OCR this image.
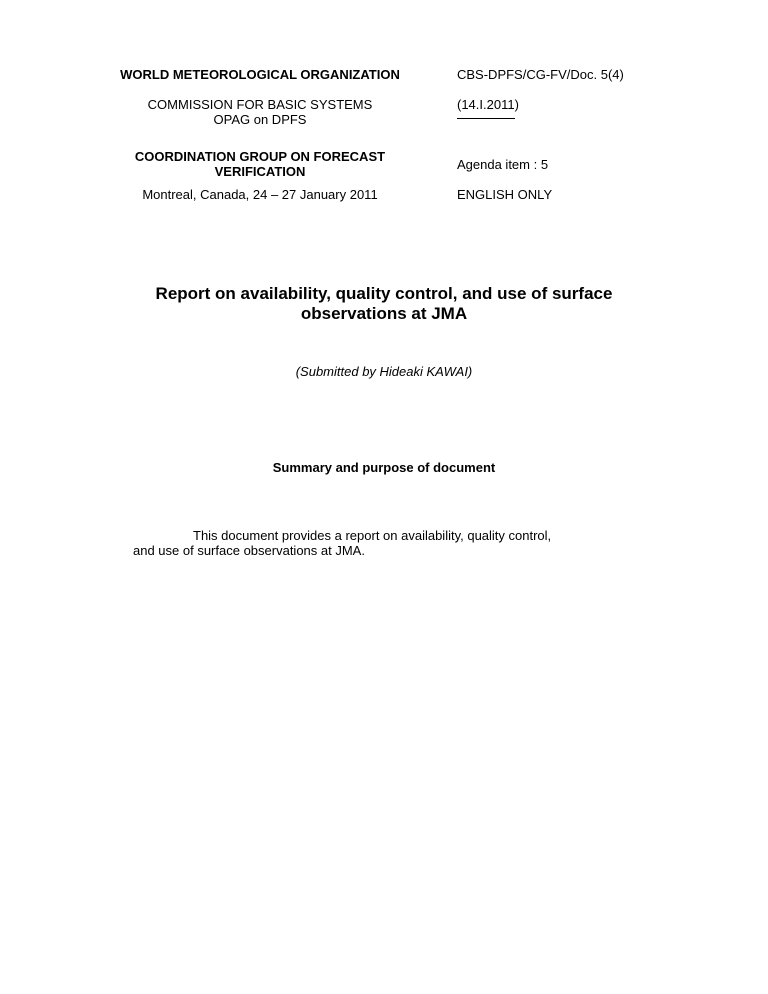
WORLD METEOROLOGICAL ORGANIZATION
COMMISSION FOR BASIC SYSTEMS
OPAG on DPFS
COORDINATION GROUP ON FORECAST
VERIFICATION
Montreal, Canada, 24 – 27 January 2011
CBS-DPFS/CG-FV/Doc. 5(4)
(14.I.2011)
Agenda item : 5
ENGLISH ONLY
Report on availability, quality control, and use of surface
observations at JMA
(Submitted by Hideaki KAWAI)
Summary and purpose of document
This document provides a report on availability, quality control,
and use of surface observations at JMA.
